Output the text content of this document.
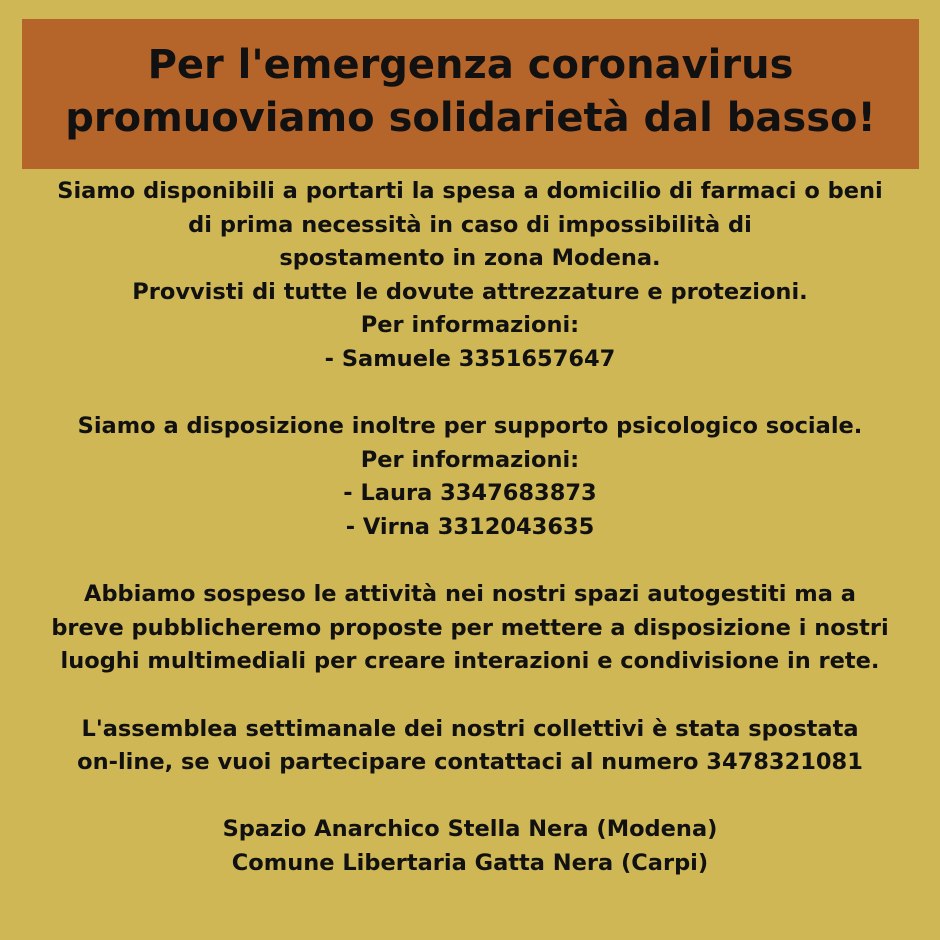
Per l'emergenza coronavirus
promuoviamo solidarietà dal basso!
Siamo disponibili a portarti la spesa a domicilio di farmaci o beni
di prima necessità in caso di impossibilità di
spostamento in zona Modena.
Provvisti di tutte le dovute attrezzature e protezioni.
Per informazioni:
- Samuele 3351657647
Siamo a disposizione inoltre per supporto psicologico sociale.
Per informazioni:
- Laura 3347683873
- Virna 3312043635
Abbiamo sospeso le attività nei nostri spazi autogestiti ma a
breve pubblicheremo proposte per mettere a disposizione i nostri
luoghi multimediali per creare interazioni e condivisione in rete.
L'assemblea settimanale dei nostri collettivi è stata spostata
on-line, se vuoi partecipare contattaci al numero 3478321081
Spazio Anarchico Stella Nera (Modena)
Comune Libertaria Gatta Nera (Carpi)
